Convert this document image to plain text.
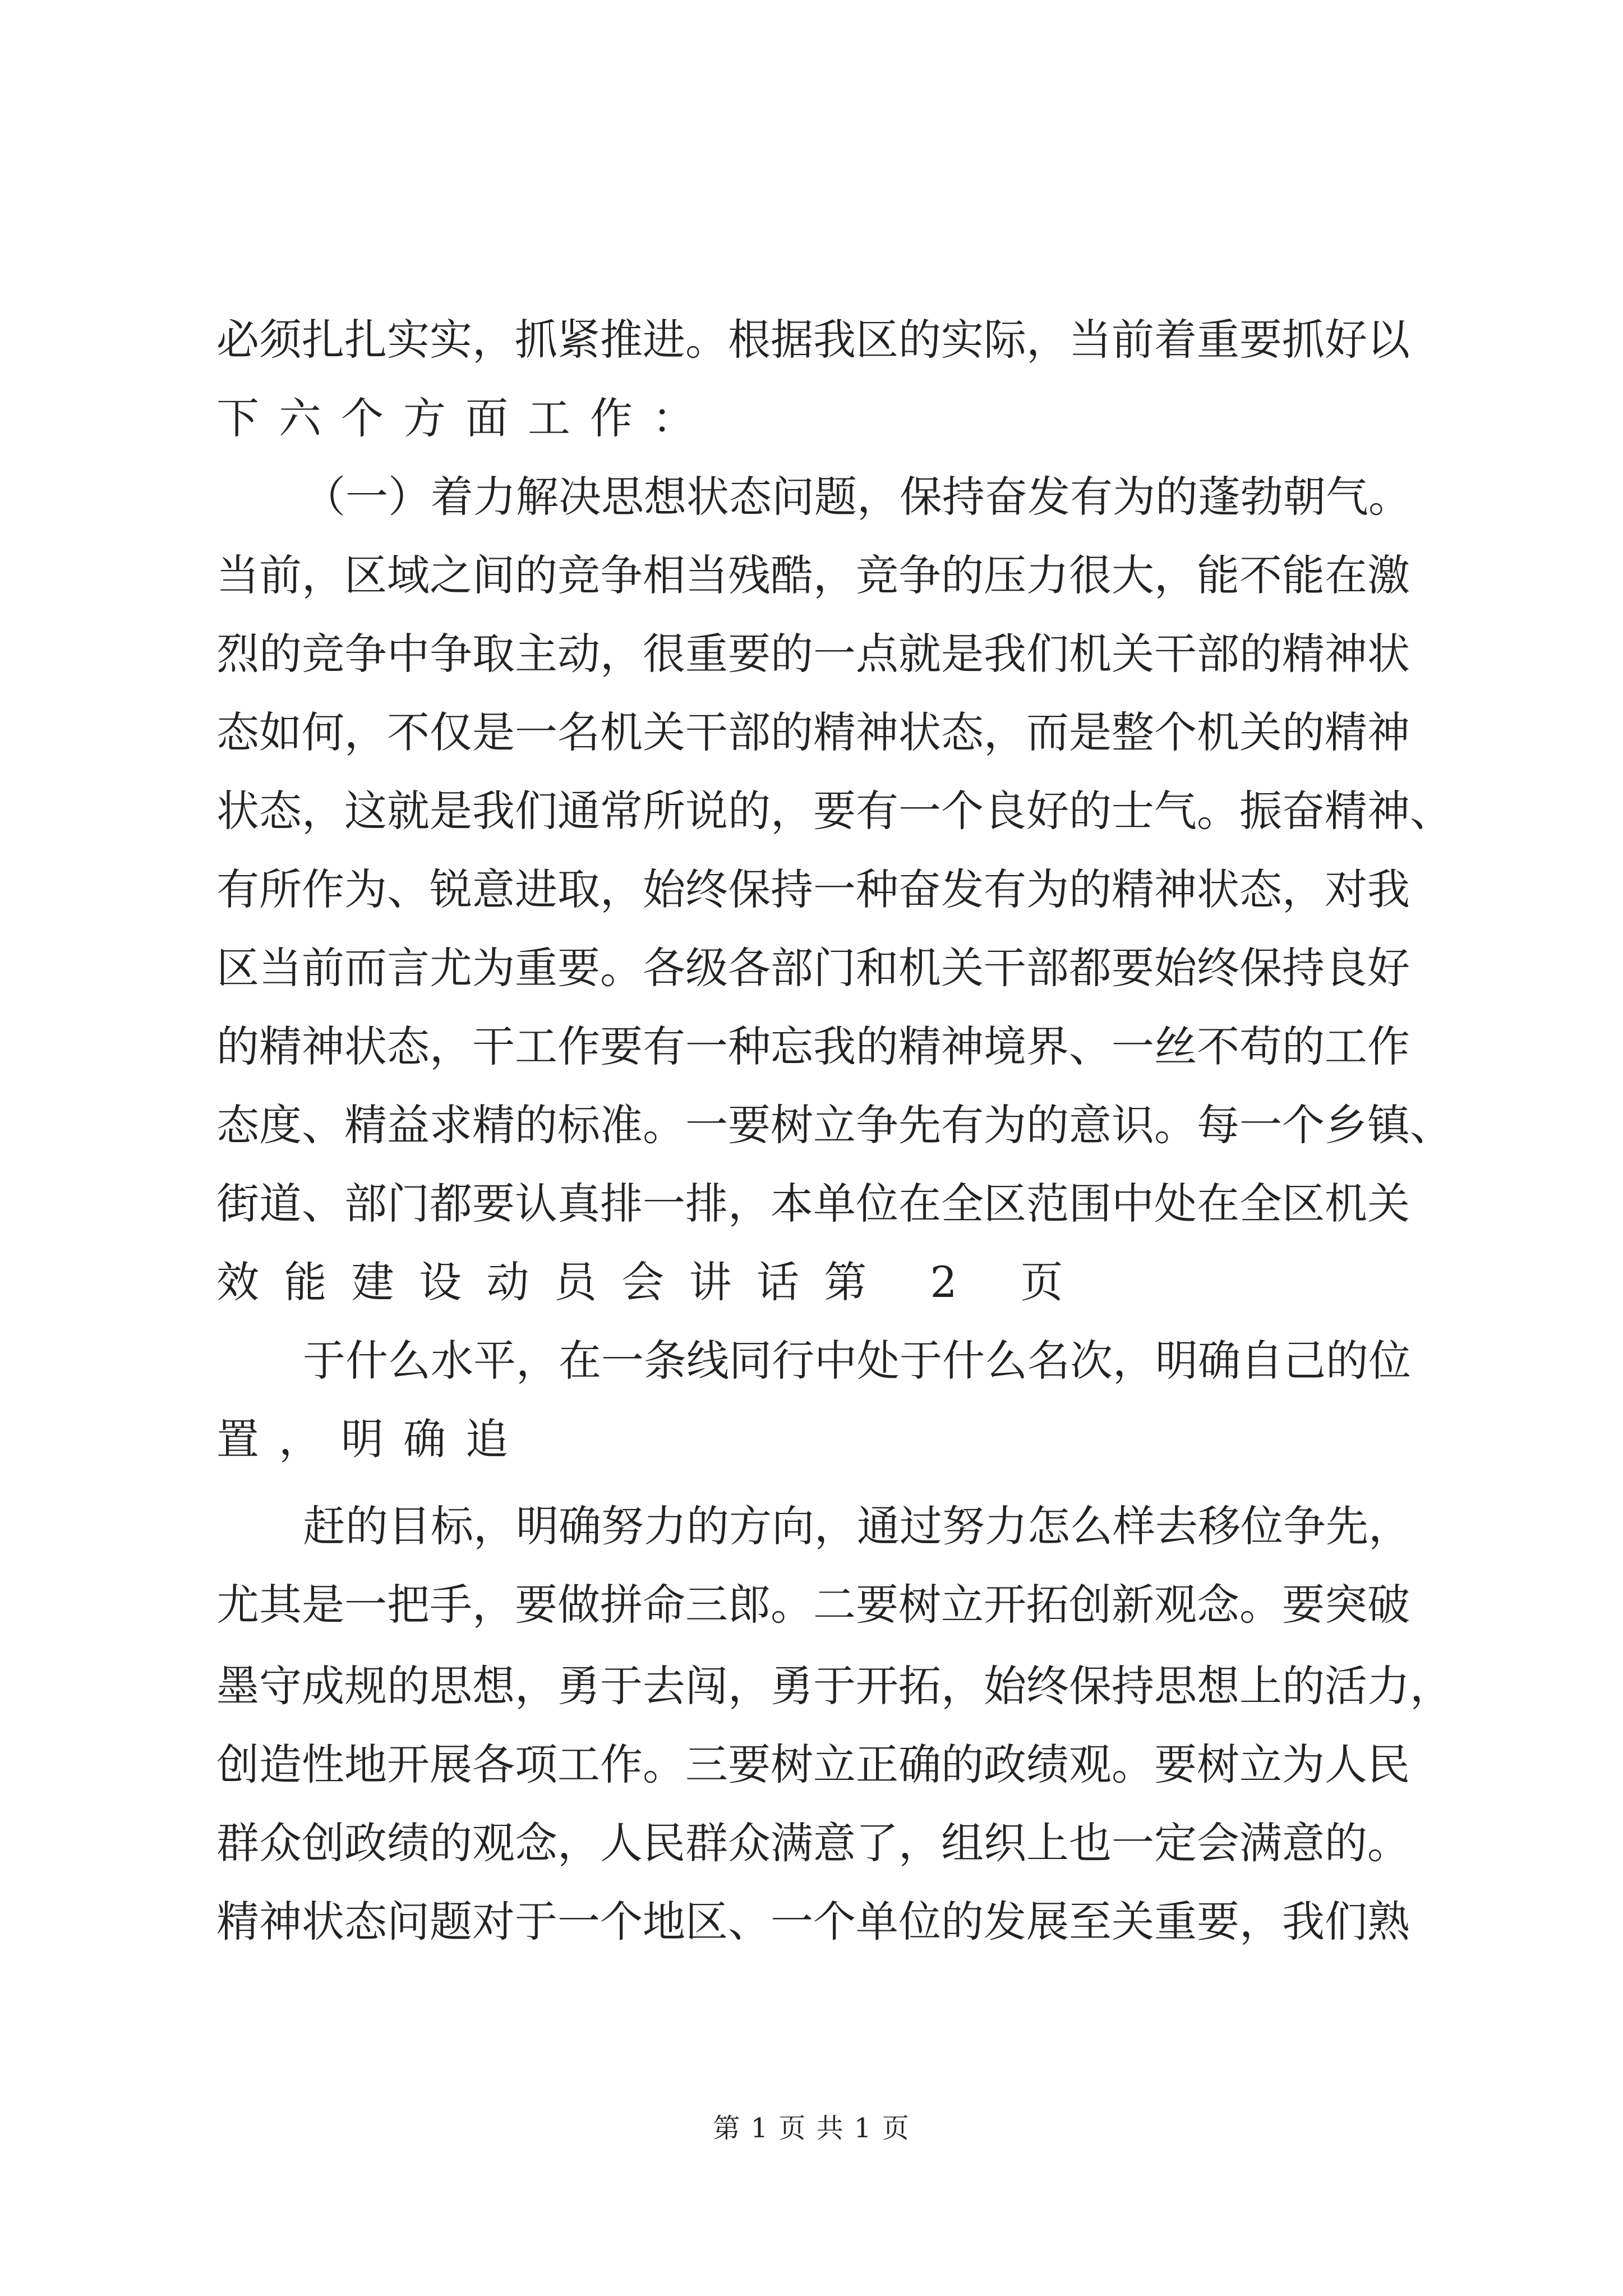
必须扎扎实实，抓紧推进。根据我区的实际，当前着重要抓好以
下六个方面工作：
（一）着力解决思想状态问题，保持奋发有为的蓬勃朝气。
当前，区域之间的竞争相当残酷，竞争的压力很大，能不能在激
烈的竞争中争取主动，很重要的一点就是我们机关干部的精神状
态如何，不仅是一名机关干部的精神状态，而是整个机关的精神
状态，这就是我们通常所说的，要有一个良好的士气。振奋精神、
有所作为、锐意进取，始终保持一种奋发有为的精神状态，对我
区当前而言尤为重要。各级各部门和机关干部都要始终保持良好
的精神状态，干工作要有一种忘我的精神境界、一丝不苟的工作
态度、精益求精的标准。一要树立争先有为的意识。每一个乡镇、
街道、部门都要认真排一排，本单位在全区范围中处在全区机关
效能建设动员会讲话第 2 页
于什么水平，在一条线同行中处于什么名次，明确自己的位
置，明确追
赶的目标，明确努力的方向，通过努力怎么样去移位争先，
尤其是一把手，要做拼命三郎。二要树立开拓创新观念。要突破
墨守成规的思想，勇于去闯，勇于开拓，始终保持思想上的活力，
创造性地开展各项工作。三要树立正确的政绩观。要树立为人民
群众创政绩的观念，人民群众满意了，组织上也一定会满意的。
精神状态问题对于一个地区、一个单位的发展至关重要，我们熟
第 1 页 共 1 页
